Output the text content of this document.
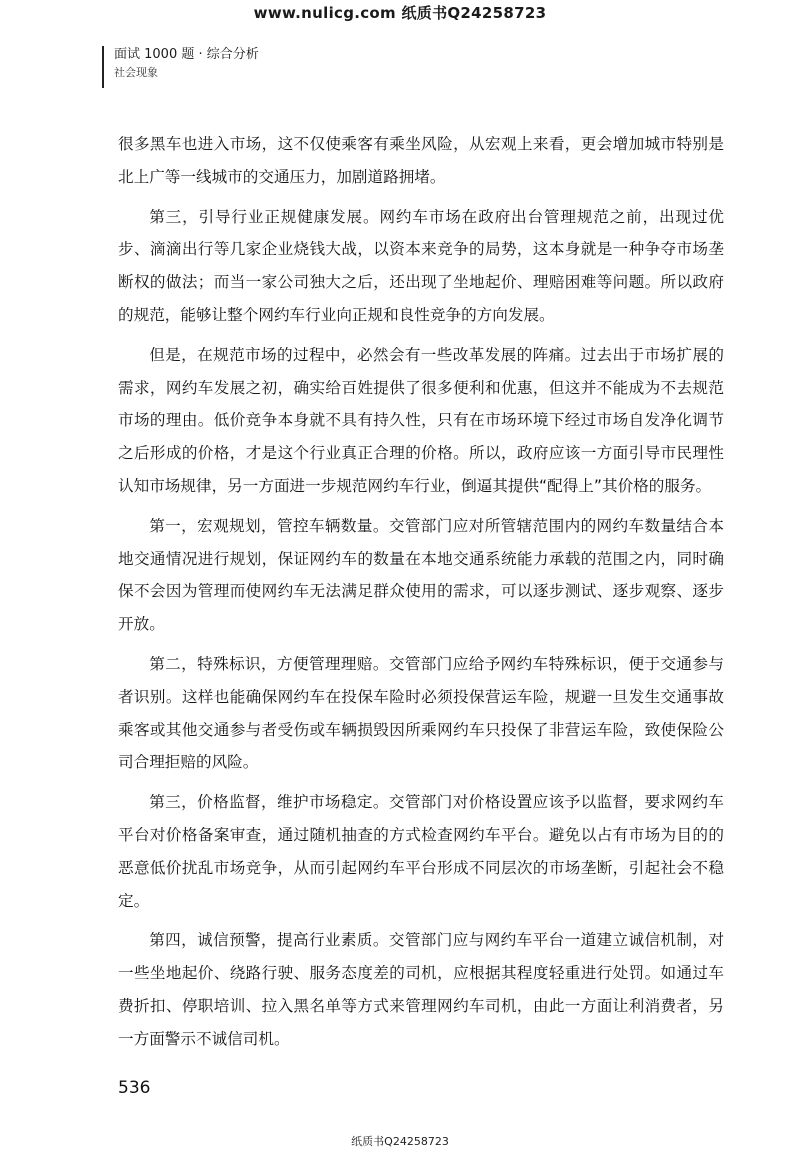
www.nulicg.com 纸质书Q24258723
面试 1000 题 · 综合分析
社会现象

很多黑车也进入市场，这不仅使乘客有乘坐风险，从宏观上来看，更会增加城市特别是北上广等一线城市的交通压力，加剧道路拥堵。

第三，引导行业正规健康发展。网约车市场在政府出台管理规范之前，出现过优步、滴滴出行等几家企业烧钱大战，以资本来竞争的局势，这本身就是一种争夺市场垄断权的做法；而当一家公司独大之后，还出现了坐地起价、理赔困难等问题。所以政府的规范，能够让整个网约车行业向正规和良性竞争的方向发展。

但是，在规范市场的过程中，必然会有一些改革发展的阵痛。过去出于市场扩展的需求，网约车发展之初，确实给百姓提供了很多便利和优惠，但这并不能成为不去规范市场的理由。低价竞争本身就不具有持久性，只有在市场环境下经过市场自发净化调节之后形成的价格，才是这个行业真正合理的价格。所以，政府应该一方面引导市民理性认知市场规律，另一方面进一步规范网约车行业，倒逼其提供“配得上”其价格的服务。

第一，宏观规划，管控车辆数量。交管部门应对所管辖范围内的网约车数量结合本地交通情况进行规划，保证网约车的数量在本地交通系统能力承载的范围之内，同时确保不会因为管理而使网约车无法满足群众使用的需求，可以逐步测试、逐步观察、逐步开放。

第二，特殊标识，方便管理理赔。交管部门应给予网约车特殊标识，便于交通参与者识别。这样也能确保网约车在投保车险时必须投保营运车险，规避一旦发生交通事故乘客或其他交通参与者受伤或车辆损毁因所乘网约车只投保了非营运车险，致使保险公司合理拒赔的风险。

第三，价格监督，维护市场稳定。交管部门对价格设置应该予以监督，要求网约车平台对价格备案审查，通过随机抽查的方式检查网约车平台。避免以占有市场为目的的恶意低价扰乱市场竞争，从而引起网约车平台形成不同层次的市场垄断，引起社会不稳定。

第四，诚信预警，提高行业素质。交管部门应与网约车平台一道建立诚信机制，对一些坐地起价、绕路行驶、服务态度差的司机，应根据其程度轻重进行处罚。如通过车费折扣、停职培训、拉入黑名单等方式来管理网约车司机，由此一方面让利消费者，另一方面警示不诚信司机。

536
纸质书Q24258723
